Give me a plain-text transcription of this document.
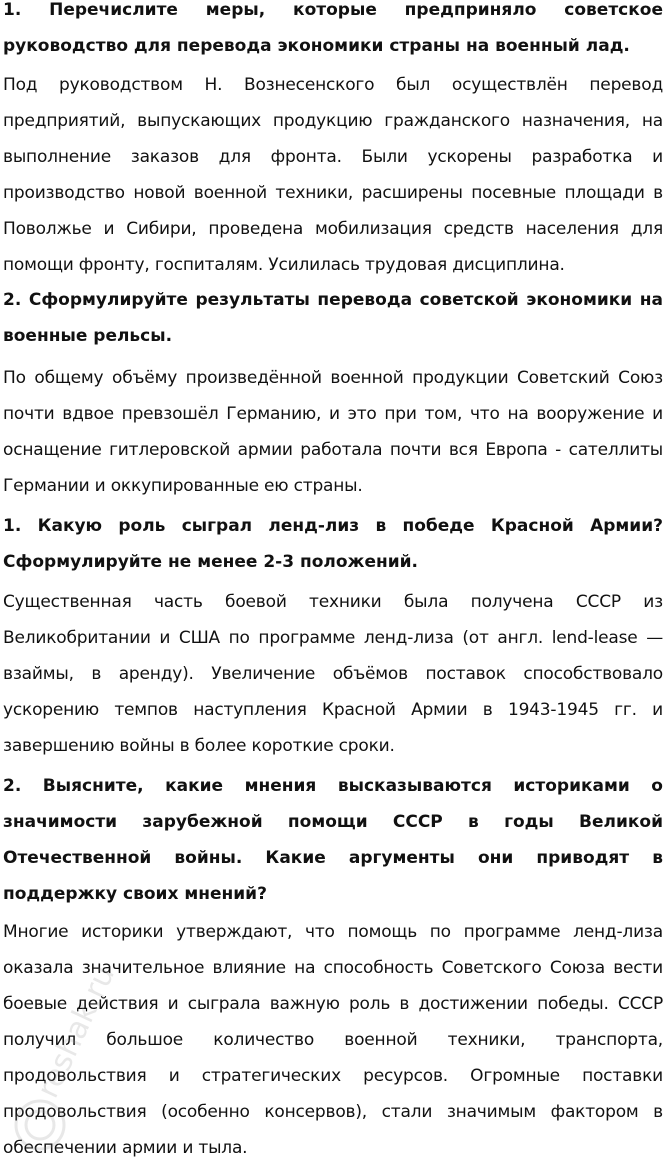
1. Перечислите меры, которые предприняло советское руководство для перевода экономики страны на военный лад.

Под руководством Н. Вознесенского был осуществлён перевод предприятий, выпускающих продукцию гражданского назначения, на выполнение заказов для фронта. Были ускорены разработка и производство новой военной техники, расширены посевные площади в Поволжье и Сибири, проведена мобилизация средств населения для помощи фронту, госпиталям. Усилилась трудовая дисциплина.

2. Сформулируйте результаты перевода советской экономики на военные рельсы.

По общему объёму произведённой военной продукции Советский Союз почти вдвое превзошёл Германию, и это при том, что на вооружение и оснащение гитлеровской армии работала почти вся Европа - сателлиты Германии и оккупированные ею страны.

1. Какую роль сыграл ленд-лиз в победе Красной Армии? Сформулируйте не менее 2-3 положений.

Существенная часть боевой техники была получена СССР из Великобритании и США по программе ленд-лиза (от англ. lend-lease — взаймы, в аренду). Увеличение объёмов поставок способствовало ускорению темпов наступления Красной Армии в 1943-1945 гг. и завершению войны в более короткие сроки.

2. Выясните, какие мнения высказываются историками о значимости зарубежной помощи СССР в годы Великой Отечественной войны. Какие аргументы они приводят в поддержку своих мнений?

Многие историки утверждают, что помощь по программе ленд-лиза оказала значительное влияние на способность Советского Союза вести боевые действия и сыграла важную роль в достижении победы. СССР получил большое количество военной техники, транспорта, продовольствия и стратегических ресурсов. Огромные поставки продовольствия (особенно консервов), стали значимым фактором в обеспечении армии и тыла.

reshak.ru
